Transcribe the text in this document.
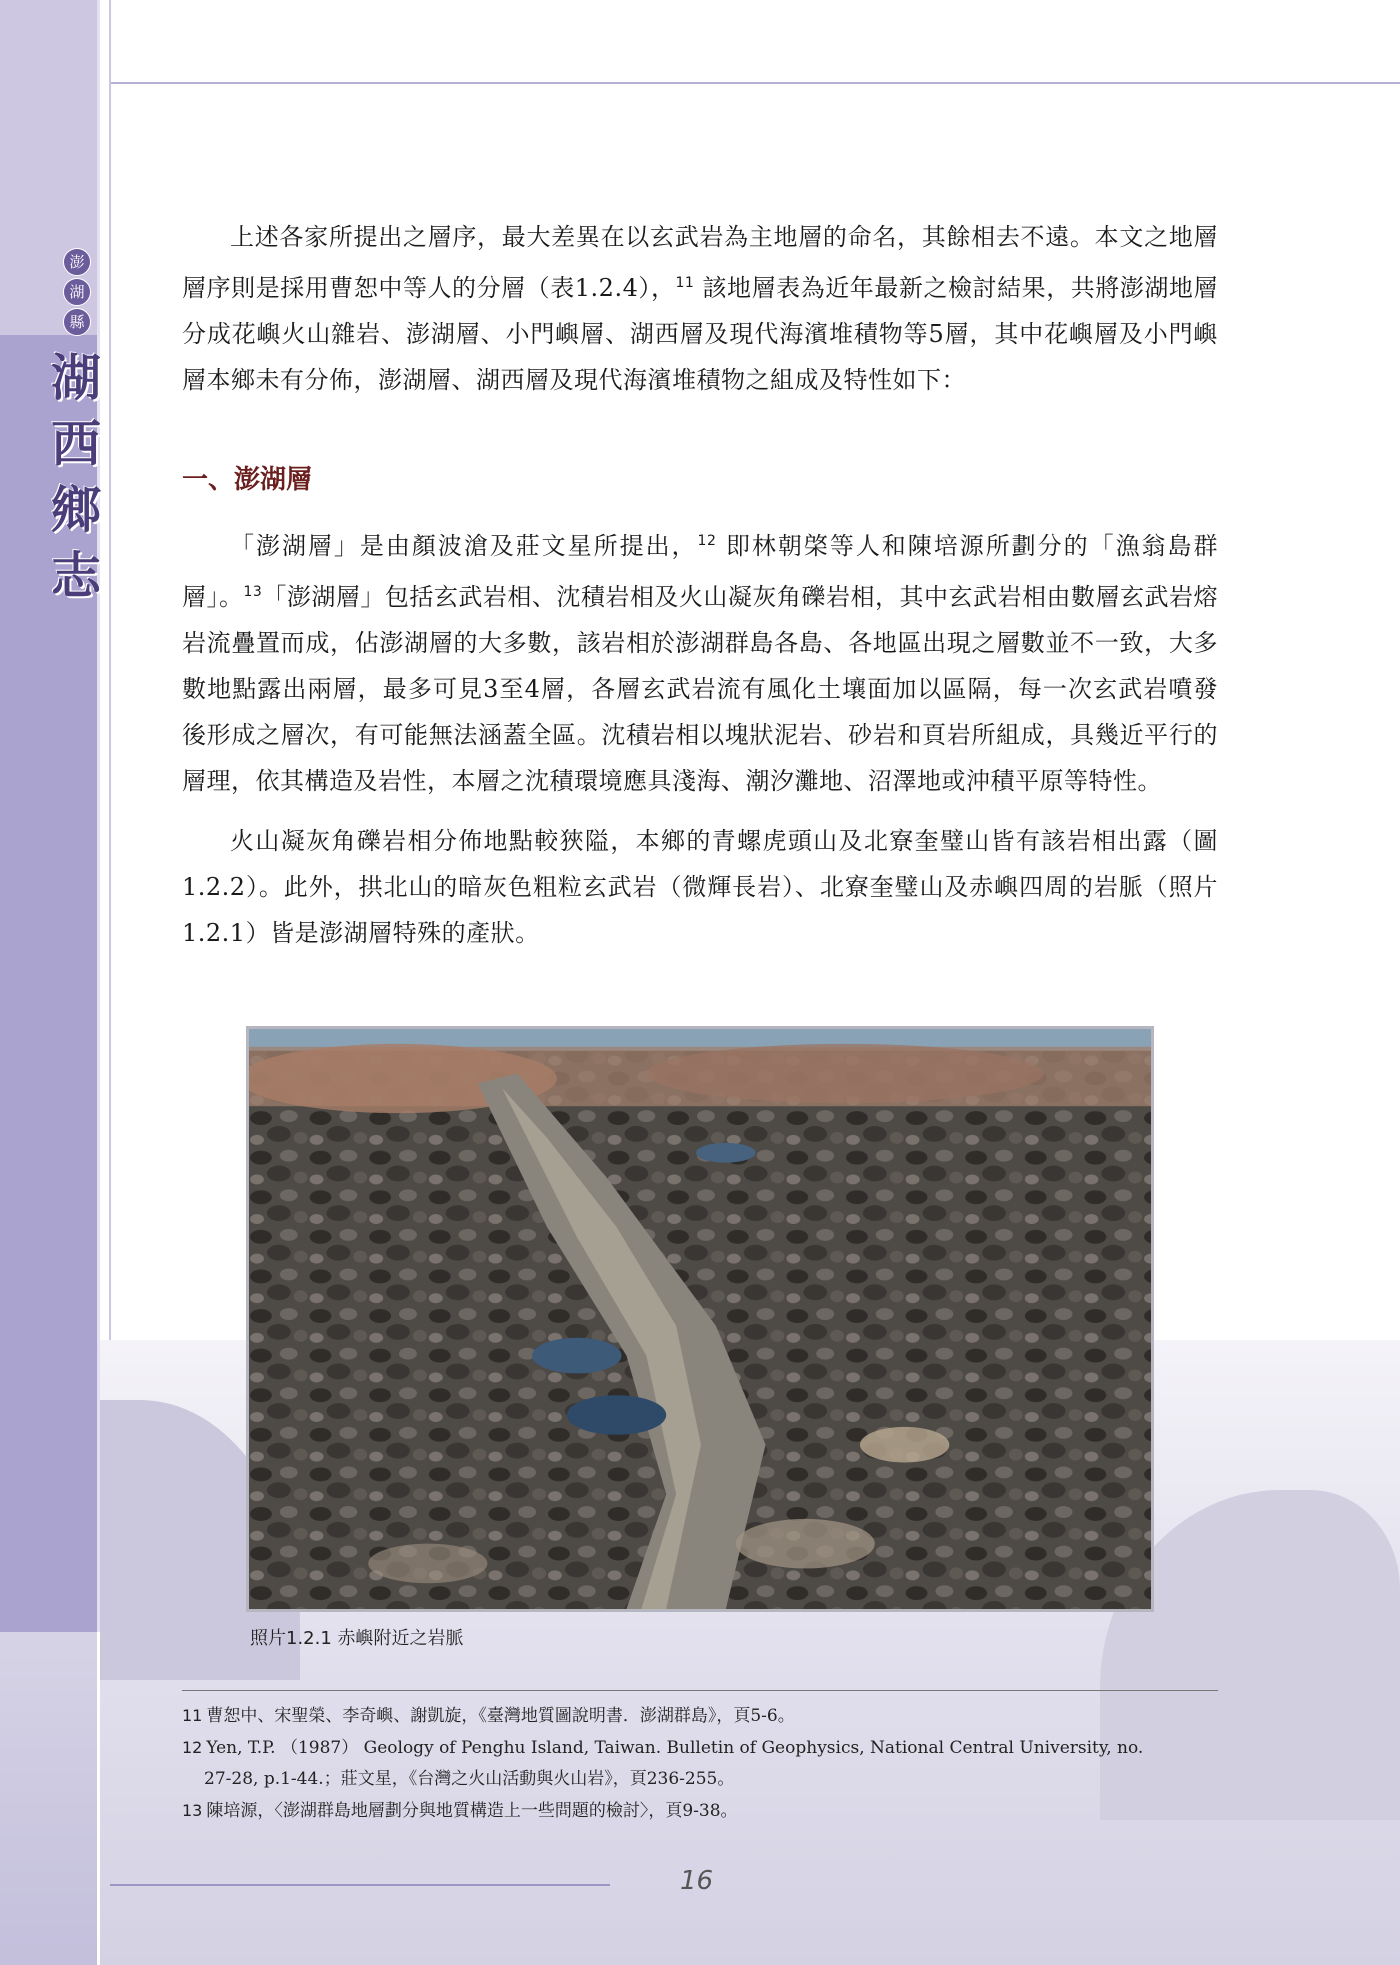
澎
湖
縣
湖
西
鄉
志

上述各家所提出之層序，最大差異在以玄武岩為主地層的命名，其餘相去不遠。本文之地層層序則是採用曹恕中等人的分層（表1.2.4），$^{11}$ 該地層表為近年最新之檢討結果，共將澎湖地層分成花嶼火山雜岩、澎湖層、小門嶼層、湖西層及現代海濱堆積物等5層，其中花嶼層及小門嶼層本鄉未有分佈，澎湖層、湖西層及現代海濱堆積物之組成及特性如下：

一、澎湖層

「澎湖層」是由顏波滄及莊文星所提出，$^{12}$ 即林朝棨等人和陳培源所劃分的「漁翁島群層」。$^{13}$「澎湖層」包括玄武岩相、沈積岩相及火山凝灰角礫岩相，其中玄武岩相由數層玄武岩熔岩流疊置而成，佔澎湖層的大多數，該岩相於澎湖群島各島、各地區出現之層數並不一致，大多數地點露出兩層，最多可見3至4層，各層玄武岩流有風化土壤面加以區隔，每一次玄武岩噴發後形成之層次，有可能無法涵蓋全區。沈積岩相以塊狀泥岩、砂岩和頁岩所組成，具幾近平行的層理，依其構造及岩性，本層之沈積環境應具淺海、潮汐灘地、沼澤地或沖積平原等特性。

火山凝灰角礫岩相分佈地點較狹隘，本鄉的青螺虎頭山及北寮奎璧山皆有該岩相出露（圖1.2.2）。此外，拱北山的暗灰色粗粒玄武岩（微輝長岩）、北寮奎璧山及赤嶼四周的岩脈（照片1.2.1）皆是澎湖層特殊的產狀。

照片1.2.1 赤嶼附近之岩脈

11 曹恕中、宋聖榮、李奇嶼、謝凱旋，《臺灣地質圖說明書．澎湖群島》，頁5-6。

12 Yen, T.P. （1987） Geology of Penghu Island, Taiwan. Bulletin of Geophysics, National Central University, no.

27-28, p.1-44.；莊文星，《台灣之火山活動與火山岩》，頁236-255。

13 陳培源，〈澎湖群島地層劃分與地質構造上一些問題的檢討〉，頁9-38。

16
